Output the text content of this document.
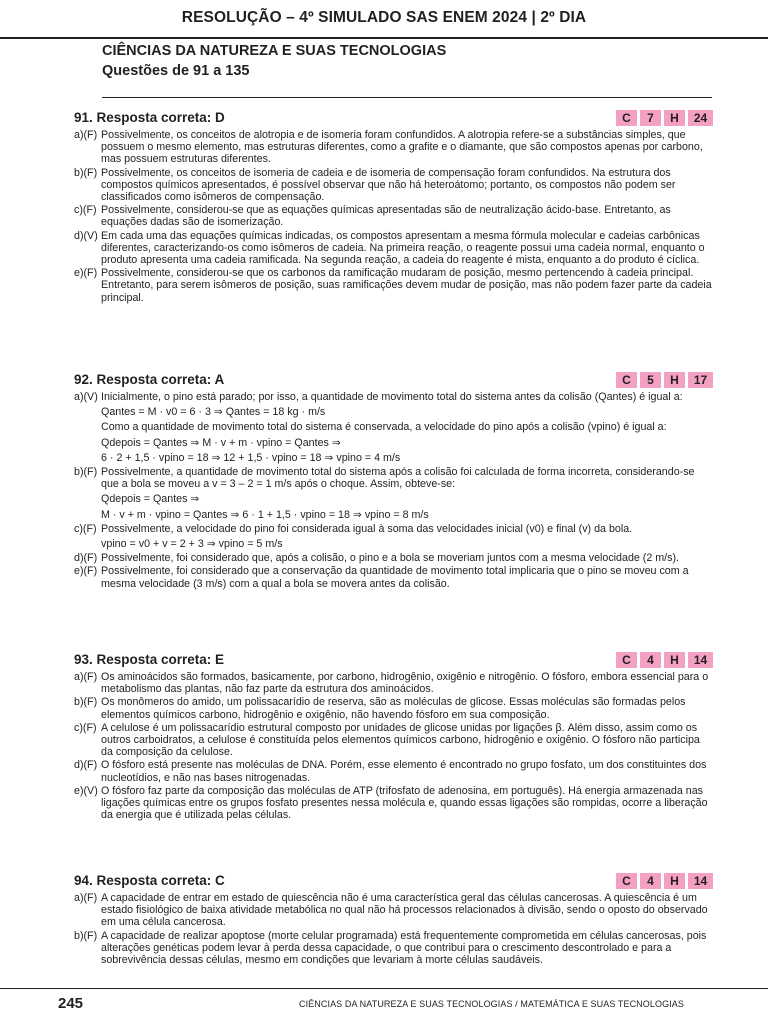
RESOLUÇÃO – 4º SIMULADO SAS ENEM 2024 | 2º DIA
CIÊNCIAS DA NATUREZA E SUAS TECNOLOGIAS
Questões de 91 a 135
91. Resposta correta: D	C	7	H	24
a)(F) Possivelmente, os conceitos de alotropia e de isomeria foram confundidos. A alotropia refere-se a substâncias simples, que possuem o mesmo elemento, mas estruturas diferentes, como a grafite e o diamante, que são compostos apenas por carbono, mas possuem estruturas diferentes.
b)(F) Possivelmente, os conceitos de isomeria de cadeia e de isomeria de compensação foram confundidos. Na estrutura dos compostos químicos apresentados, é possível observar que não há heteroátomo; portanto, os compostos não podem ser classificados como isômeros de compensação.
c)(F) Possivelmente, considerou-se que as equações químicas apresentadas são de neutralização ácido-base. Entretanto, as equações dadas são de isomerização.
d)(V) Em cada uma das equações químicas indicadas, os compostos apresentam a mesma fórmula molecular e cadeias carbônicas diferentes, caracterizando-os como isômeros de cadeia. Na primeira reação, o reagente possui uma cadeia normal, enquanto o produto apresenta uma cadeia ramificada. Na segunda reação, a cadeia do reagente é mista, enquanto a do produto é cíclica.
e)(F) Possivelmente, considerou-se que os carbonos da ramificação mudaram de posição, mesmo pertencendo à cadeia principal. Entretanto, para serem isômeros de posição, suas ramificações devem mudar de posição, mas não podem fazer parte da cadeia principal.
92. Resposta correta: A	C	5	H	17
a)(V) Inicialmente, o pino está parado; por isso, a quantidade de movimento total do sistema antes da colisão (Qantes) é igual a:
Qantes = M · v0 = 6 · 3 ⇒ Qantes = 18 kg · m/s
Como a quantidade de movimento total do sistema é conservada, a velocidade do pino após a colisão (vpino) é igual a:
Qdepois = Qantes ⇒ M · v + m · vpino = Qantes ⇒
6 · 2 + 1,5 · vpino = 18 ⇒ 12 + 1,5 · vpino = 18 ⇒ vpino = 4 m/s
b)(F) Possivelmente, a quantidade de movimento total do sistema após a colisão foi calculada de forma incorreta, considerando-se que a bola se moveu a v = 3 – 2 = 1 m/s após o choque. Assim, obteve-se:
Qdepois = Qantes ⇒
M · v + m · vpino = Qantes ⇒ 6 · 1 + 1,5 · vpino = 18 ⇒ vpino = 8 m/s
c)(F) Possivelmente, a velocidade do pino foi considerada igual à soma das velocidades inicial (v0) e final (v) da bola.
vpino = v0 + v = 2 + 3 ⇒ vpino = 5 m/s
d)(F) Possivelmente, foi considerado que, após a colisão, o pino e a bola se moveriam juntos com a mesma velocidade (2 m/s).
e)(F) Possivelmente, foi considerado que a conservação da quantidade de movimento total implicaria que o pino se moveu com a mesma velocidade (3 m/s) com a qual a bola se movera antes da colisão.
93. Resposta correta: E	C	4	H	14
a)(F) Os aminoácidos são formados, basicamente, por carbono, hidrogênio, oxigênio e nitrogênio. O fósforo, embora essencial para o metabolismo das plantas, não faz parte da estrutura dos aminoácidos.
b)(F) Os monômeros do amido, um polissacarídio de reserva, são as moléculas de glicose. Essas moléculas são formadas pelos elementos químicos carbono, hidrogênio e oxigênio, não havendo fósforo em sua composição.
c)(F) A celulose é um polissacarídio estrutural composto por unidades de glicose unidas por ligações β. Além disso, assim como os outros carboidratos, a celulose é constituída pelos elementos químicos carbono, hidrogênio e oxigênio. O fósforo não participa da composição da celulose.
d)(F) O fósforo está presente nas moléculas de DNA. Porém, esse elemento é encontrado no grupo fosfato, um dos constituintes dos nucleotídios, e não nas bases nitrogenadas.
e)(V) O fósforo faz parte da composição das moléculas de ATP (trifosfato de adenosina, em português). Há energia armazenada nas ligações químicas entre os grupos fosfato presentes nessa molécula e, quando essas ligações são rompidas, ocorre a liberação da energia que é utilizada pelas células.
94. Resposta correta: C	C	4	H	14
a)(F) A capacidade de entrar em estado de quiescência não é uma característica geral das células cancerosas. A quiescência é um estado fisiológico de baixa atividade metabólica no qual não há processos relacionados à divisão, sendo o oposto do observado em uma célula cancerosa.
b)(F) A capacidade de realizar apoptose (morte celular programada) está frequentemente comprometida em células cancerosas, pois alterações genéticas podem levar à perda dessa capacidade, o que contribui para o crescimento descontrolado e para a sobrevivência dessas células, mesmo em condições que levariam à morte células saudáveis.
245	CIÊNCIAS DA NATUREZA E SUAS TECNOLOGIAS / MATEMÁTICA E SUAS TECNOLOGIAS
